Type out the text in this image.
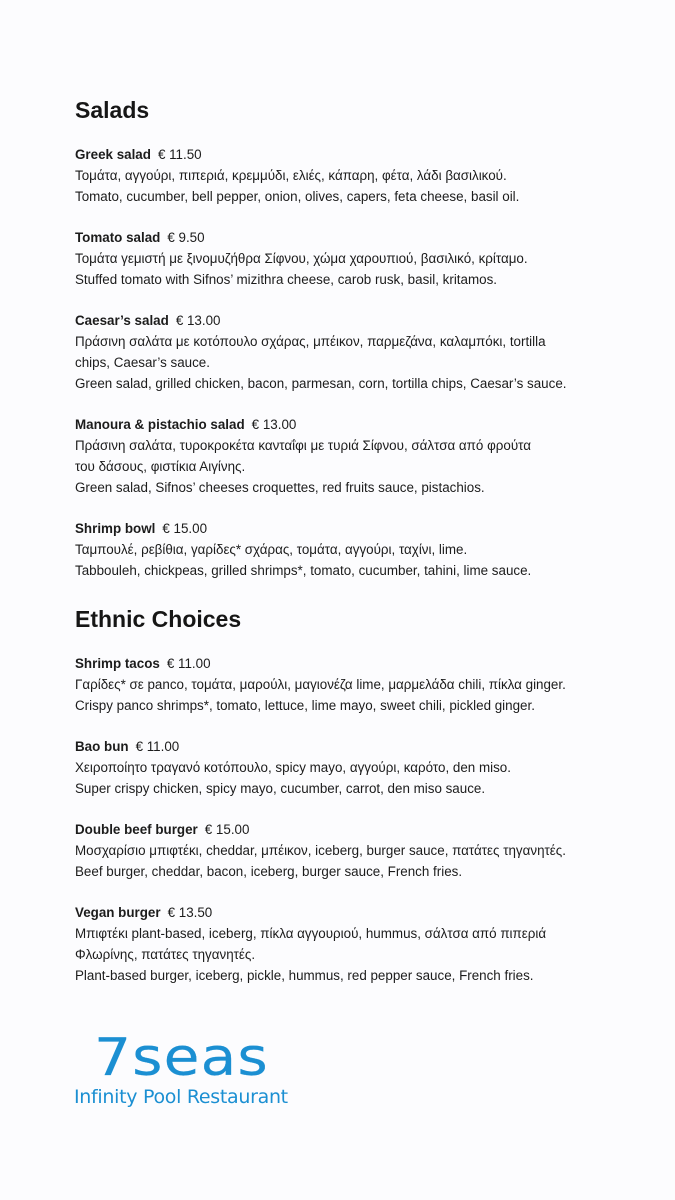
Salads
Greek salad € 11.50
Τομάτα, αγγούρι, πιπεριά, κρεμμύδι, ελιές, κάπαρη, φέτα, λάδι βασιλικού.
Tomato, cucumber, bell pepper, onion, olives, capers, feta cheese, basil oil.
Tomato salad € 9.50
Τομάτα γεμιστή με ξινομυζήθρα Σίφνου, χώμα χαρουπιού, βασιλικό, κρίταμο.
Stuffed tomato with Sifnos’ mizithra cheese, carob rusk, basil, kritamos.
Caesar’s salad € 13.00
Πράσινη σαλάτα με κοτόπουλο σχάρας, μπέικον, παρμεζάνα, καλαμπόκι, tortilla
chips, Caesar’s sauce.
Green salad, grilled chicken, bacon, parmesan, corn, tortilla chips, Caesar’s sauce.
Manoura & pistachio salad € 13.00
Πράσινη σαλάτα, τυροκροκέτα κανταΐφι με τυριά Σίφνου, σάλτσα από φρούτα
του δάσους, φιστίκια Αιγίνης.
Green salad, Sifnos’ cheeses croquettes, red fruits sauce, pistachios.
Shrimp bowl € 15.00
Ταμπουλέ, ρεβίθια, γαρίδες* σχάρας, τομάτα, αγγούρι, ταχίνι, lime.
Tabbouleh, chickpeas, grilled shrimps*, tomato, cucumber, tahini, lime sauce.
Ethnic Choices
Shrimp tacos € 11.00
Γαρίδες* σε panco, τομάτα, μαρούλι, μαγιονέζα lime, μαρμελάδα chili, πίκλα ginger.
Crispy panco shrimps*, tomato, lettuce, lime mayo, sweet chili, pickled ginger.
Bao bun € 11.00
Χειροποίητο τραγανό κοτόπουλο, spicy mayo, αγγούρι, καρότο, den miso.
Super crispy chicken, spicy mayo, cucumber, carrot, den miso sauce.
Double beef burger € 15.00
Μοσχαρίσιο μπιφτέκι, cheddar, μπέικον, iceberg, burger sauce, πατάτες τηγανητές.
Beef burger, cheddar, bacon, iceberg, burger sauce, French fries.
Vegan burger € 13.50
Μπιφτέκι plant-based, iceberg, πίκλα αγγουριού, hummus, σάλτσα από πιπεριά
Φλωρίνης, πατάτες τηγανητές.
Plant-based burger, iceberg, pickle, hummus, red pepper sauce, French fries.
7seas
Infinity Pool Restaurant
